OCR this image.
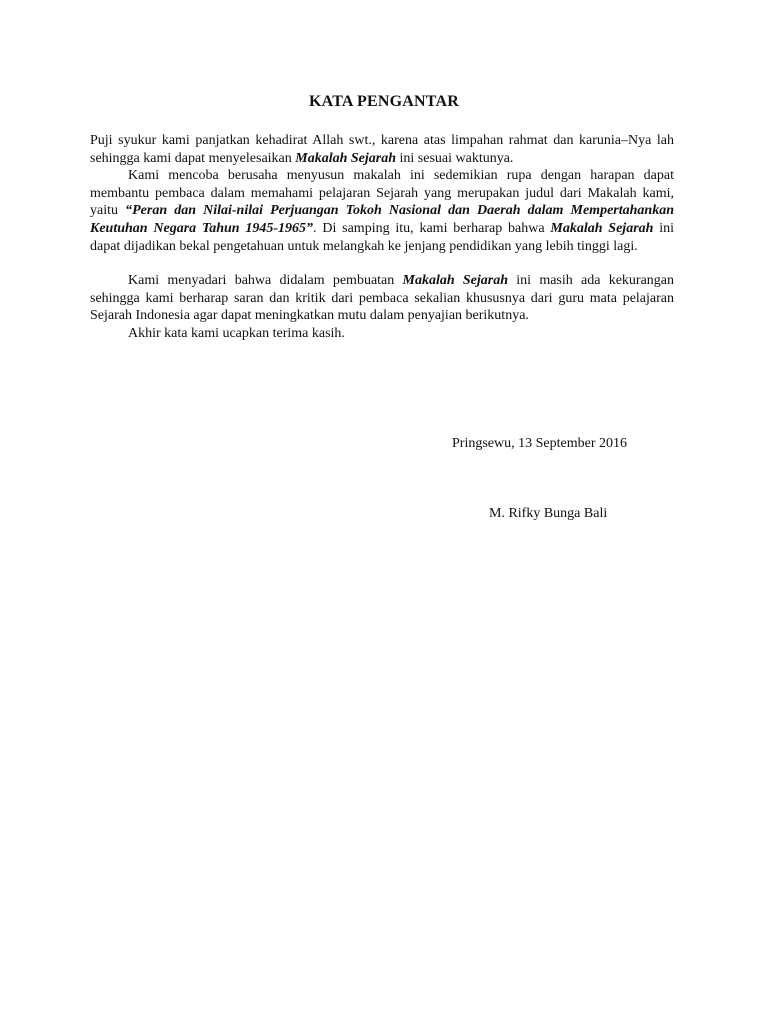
KATA PENGANTAR

Puji syukur kami panjatkan kehadirat Allah swt., karena atas limpahan rahmat dan karunia–Nya lah sehingga kami dapat menyelesaikan Makalah Sejarah ini sesuai waktunya.

Kami mencoba berusaha menyusun makalah ini sedemikian rupa dengan harapan dapat membantu pembaca dalam memahami pelajaran Sejarah yang merupakan judul dari Makalah kami, yaitu “Peran dan Nilai-nilai Perjuangan Tokoh Nasional dan Daerah dalam Mempertahankan Keutuhan Negara Tahun 1945-1965”. Di samping itu, kami berharap bahwa Makalah Sejarah ini dapat dijadikan bekal pengetahuan untuk melangkah ke jenjang pendidikan yang lebih tinggi lagi.

Kami menyadari bahwa didalam pembuatan Makalah Sejarah ini masih ada kekurangan sehingga kami berharap saran dan kritik dari pembaca sekalian khususnya dari guru mata pelajaran Sejarah Indonesia agar dapat meningkatkan mutu dalam penyajian berikutnya.

Akhir kata kami ucapkan terima kasih.

Pringsewu, 13 September 2016
M. Rifky Bunga Bali
